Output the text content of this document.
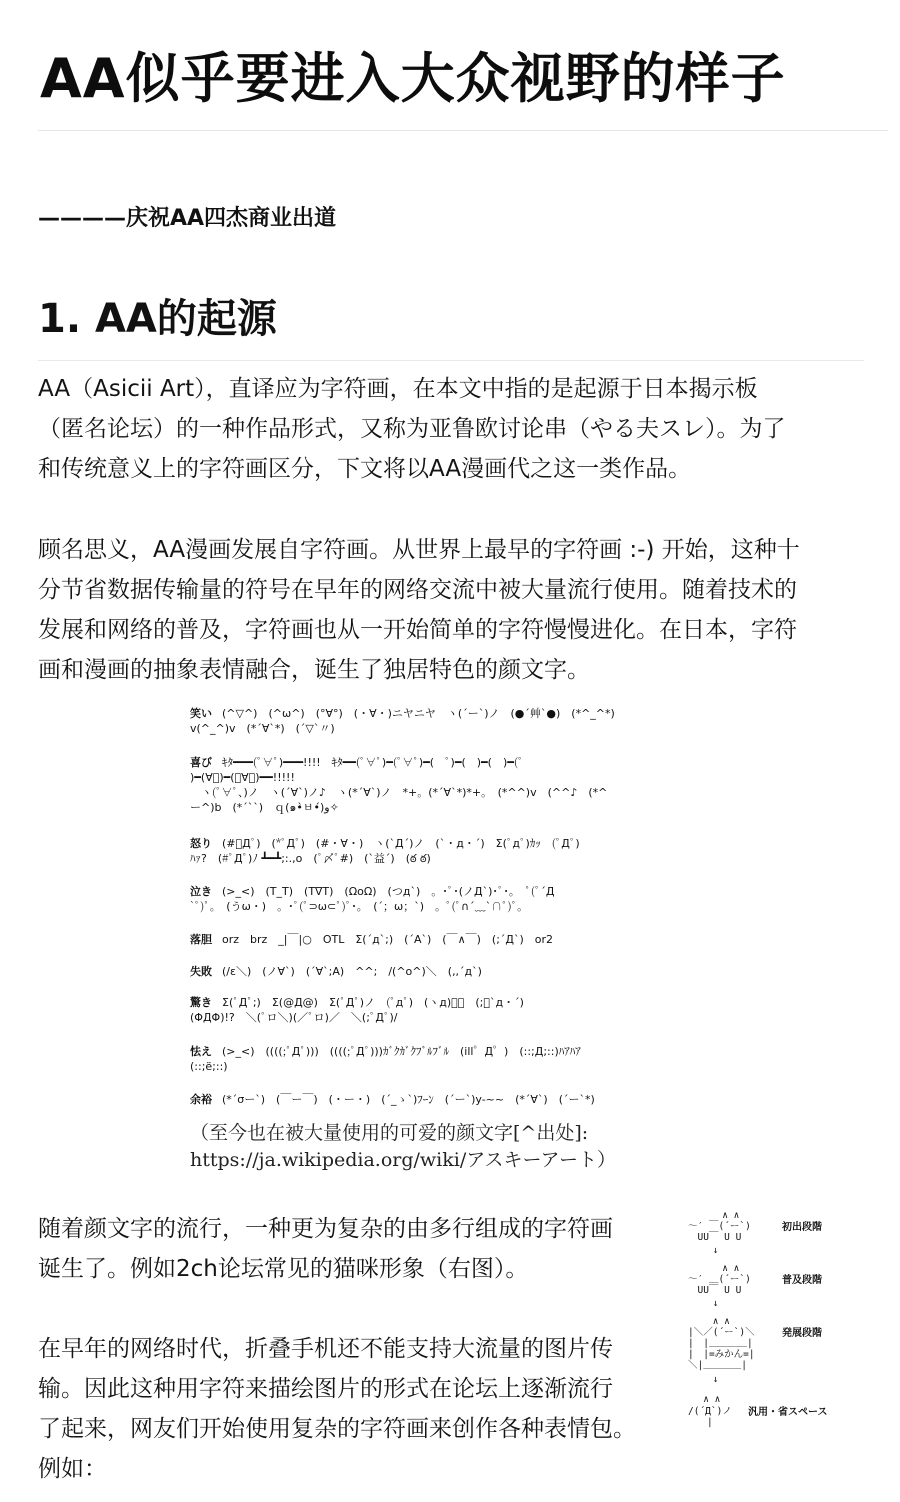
AA似乎要进入大众视野的样子
————庆祝AA四杰商业出道
1. AA的起源
AA（Asicii Art），直译应为字符画，在本文中指的是起源于日本揭示板
（匿名论坛）的一种作品形式，又称为亚鲁欧讨论串（やる夫スレ）。为了
和传统意义上的字符画区分，下文将以AA漫画代之这一类作品。
顾名思义，AA漫画发展自字符画。从世界上最早的字符画 :-) 开始，这种十
分节省数据传输量的符号在早年的网络交流中被大量流行使用。随着技术的
发展和网络的普及，字符画也从一开始简单的字符慢慢进化。在日本，字符
画和漫画的抽象表情融合，诞生了独居特色的颜文字。
笑い (^▽^)　(^ω^)　(°∀°)　(・∀・)ニヤニヤ　ヽ(´ー`)ノ　(●´艸`●)　(*^_^*)
v(^_^)v　(*´∀`*)　(´▽`〃)
喜び ｷﾀ━━━(ﾟ∀ﾟ)━━━!!!!　ｷﾀ━━(ﾟ∀ﾟ)━(ﾟ∀ﾟ)━(　ﾟ)━(　)━(　)━(ﾟ
)━(∀ﾟ)━(ﾟ∀ﾟ)━━!!!!!
　ヽ(ﾟ∀ﾟ、)ノ　ヽ(´∀`)ノ♪　ヽ(*´∀`)ノ　*+。(*´∀`*)*+。　(*^^)v　(^^♪　(*^
ー^)b　(*´``)　ｑ(๑•̀ㅂ•́)و✧
怒り (#ﾟДﾟ)　(*ﾟДﾟ)　(#・∀・)　ヽ(`Д´)ノ　(`・д・´)　Σ(ﾟдﾟ)ｶｯ　(ﾟДﾟ)
ﾊｧ?　(#ﾟДﾟ)ﾉ ┻━┻;:.,o　(ﾟ〆ﾟ#)　(`益´)　(ఠ ఠ)
泣き (>_<)　(T_T)　(T∇T)　(ΩoΩ)　(つд`)　。･ﾟ･(ノД`)･ﾟ･。　ﾟ(ﾟ´Д
`ﾟ)ﾟ。　(うω・)　。･ﾟ(ﾟ⊃ω⊂ﾟ)ﾟ･。　(´；ω；`)　。ﾟ(ﾟ∩´﹏`∩ﾟ)ﾟ。
落胆 orz　brz　_|￣|○　OTL　Σ(´д`;)　(´A`)　(￣∧￣)　(;´Д`)　or2
失敗 (/ε＼)　(ノ∀`)　(´∀`;A)　^^;　/(^o^)＼　(,,´д`)
驚き Σ(ﾟДﾟ;)　Σ(@Д@)　Σ(ﾟДﾟ)ノ　(ﾟдﾟ)　(ヽд)ﾟﾟ　(;・`д・´)
(ΦДΦ)!?　＼(ﾟロ＼)(／ﾟロ)／　＼(;ﾟДﾟ)/
怯え (>_<)　((((;ﾟДﾟ)))　((((;ﾟДﾟ)))ｶﾞｸｶﾞｸﾌﾞﾙﾌﾞﾙ　(ill゜Д゜)　(::;Д;::)ﾊｱﾊｱ
(::;ë;::)
余裕 (*´σー`)　(￣ー￣)　(・ー・)　(´_ゝ`)ﾌｰﾝ　(´ー`)y-~~　(*´∀`)　(´ー`*)
（至今也在被大量使用的可爱的颜文字[^出处]:
https://ja.wikipedia.org/wiki/アスキーアート）
随着颜文字的流行，一种更为复杂的由多行组成的字符画
诞生了。例如2ch论坛常见的猫咪形象（右图）。
在早年的网络时代，折叠手机还不能支持大流量的图片传
输。因此这种用字符来描绘图片的形式在论坛上逐渐流行
了起来，网友们开始使用复杂的字符画来创作各种表情包。
例如：
　　　 ∧ ∧
～′ ￣(´ー`)	初出段階
　UU￣ U U
　　 ↓
　　　 ∧ ∧
～′ ＿(´ー`)	普及段階
　UU￣ U U
　　 ↓
　　 ∧ ∧
|＼／(´ー`)＼	発展段階
|　|＿＿＿＿|
|　|=みかん=|
＼|＿＿＿＿|
　　 ↓
　 ∧ ∧
/(´Д`)ノ 汎用・省スペース
　　|
